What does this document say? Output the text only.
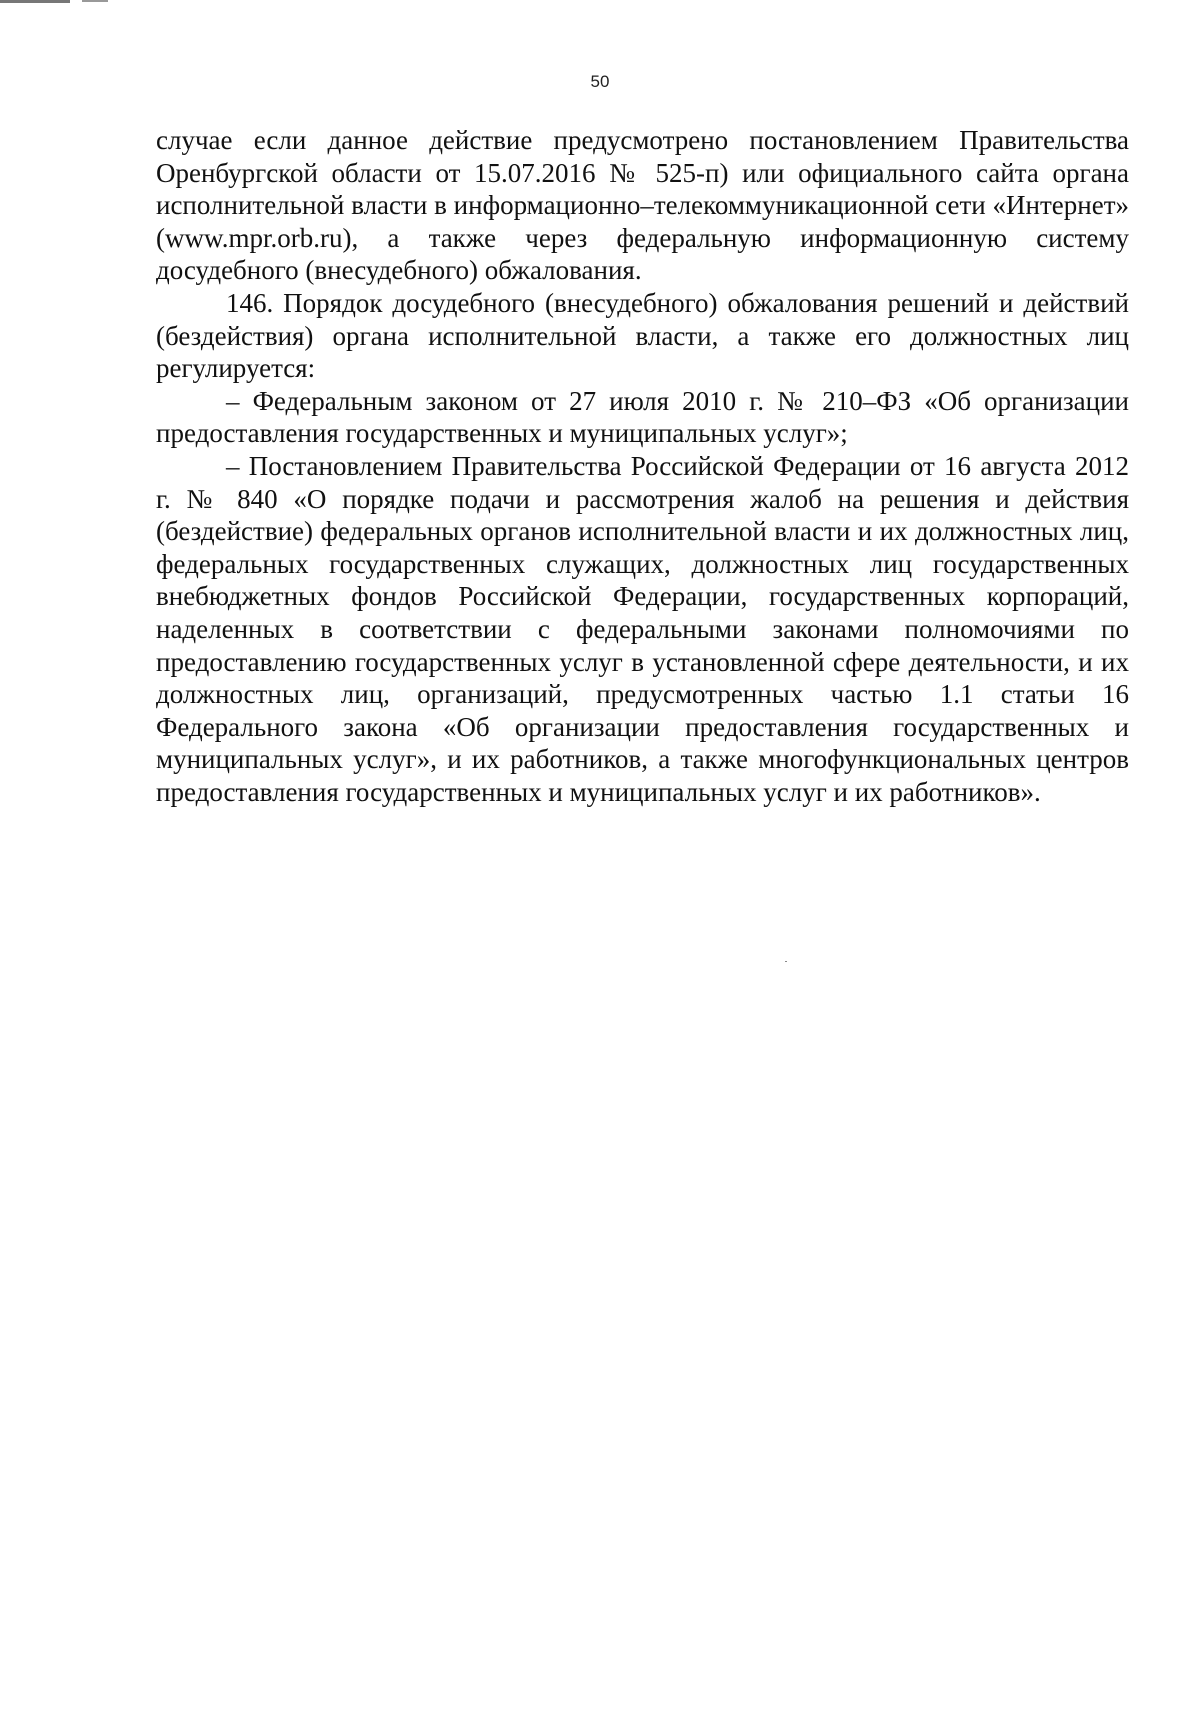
50

случае если данное действие предусмотрено постановлением Правительства Оренбургской области от 15.07.2016 № 525-п) или официального сайта органа исполнительной власти в информационно–телекоммуникационной сети «Интернет» (www.mpr.orb.ru), а также через федеральную информационную систему досудебного (внесудебного) обжалования.

146. Порядок досудебного (внесудебного) обжалования решений и действий (бездействия) органа исполнительной власти, а также его должностных лиц регулируется:

– Федеральным законом от 27 июля 2010 г. № 210–ФЗ «Об организации предоставления государственных и муниципальных услуг»;

– Постановлением Правительства Российской Федерации от 16 августа 2012 г. № 840 «О порядке подачи и рассмотрения жалоб на решения и действия (бездействие) федеральных органов исполнительной власти и их должностных лиц, федеральных государственных служащих, должностных лиц государственных внебюджетных фондов Российской Федерации, государственных корпораций, наделенных в соответствии с федеральными законами полномочиями по предоставлению государственных услуг в установленной сфере деятельности, и их должностных лиц, организаций, предусмотренных частью 1.1 статьи 16 Федерального закона «Об организации предоставления государственных и муниципальных услуг», и их работников, а также многофункциональных центров предоставления государственных и муниципальных услуг и их работников».
